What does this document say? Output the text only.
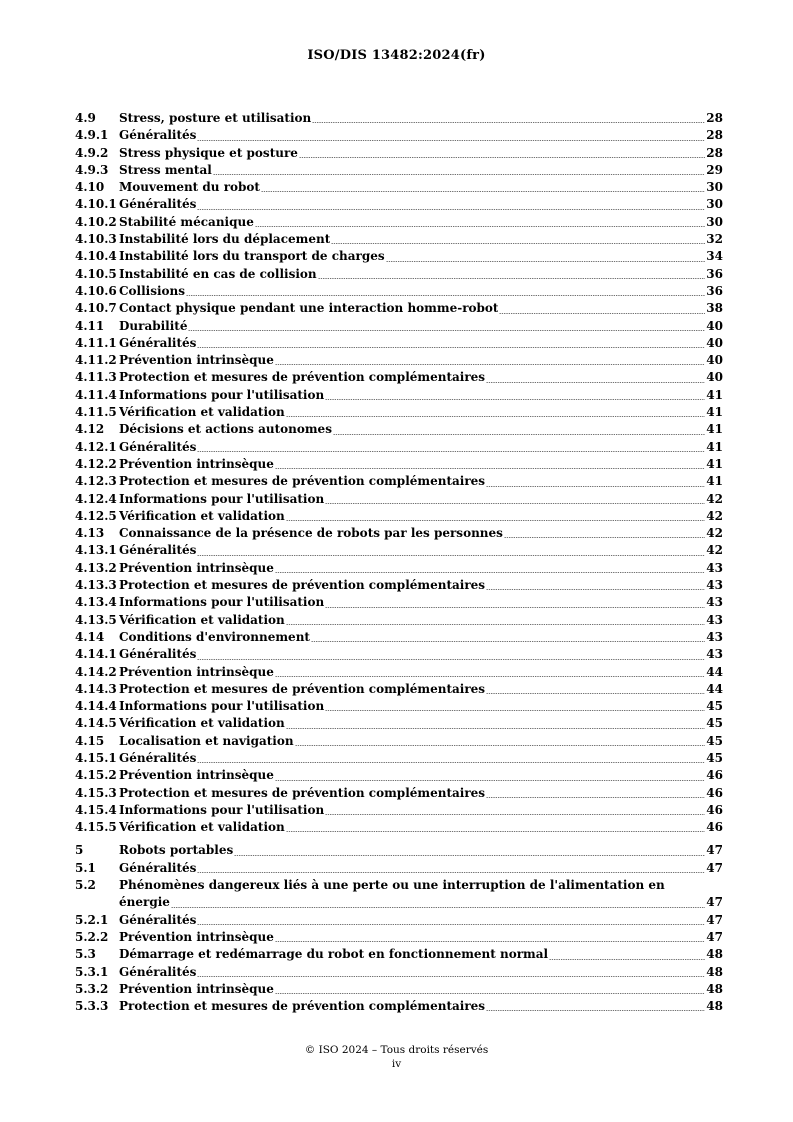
ISO/DIS 13482:2024(fr)
4.9	Stress, posture et utilisation	28
4.9.1 Généralités	28
4.9.2 Stress physique et posture	28
4.9.3 Stress mental	29
4.10	Mouvement du robot	30
4.10.1 Généralités	30
4.10.2 Stabilité mécanique	30
4.10.3 Instabilité lors du déplacement	32
4.10.4 Instabilité lors du transport de charges	34
4.10.5 Instabilité en cas de collision	36
4.10.6 Collisions	36
4.10.7 Contact physique pendant une interaction homme-robot	38
4.11	Durabilité	40
4.11.1 Généralités	40
4.11.2 Prévention intrinsèque	40
4.11.3 Protection et mesures de prévention complémentaires	40
4.11.4 Informations pour l'utilisation	41
4.11.5 Vérification et validation	41
4.12	Décisions et actions autonomes	41
4.12.1 Généralités	41
4.12.2 Prévention intrinsèque	41
4.12.3 Protection et mesures de prévention complémentaires	41
4.12.4 Informations pour l'utilisation	42
4.12.5 Vérification et validation	42
4.13	Connaissance de la présence de robots par les personnes	42
4.13.1 Généralités	42
4.13.2 Prévention intrinsèque	43
4.13.3 Protection et mesures de prévention complémentaires	43
4.13.4 Informations pour l'utilisation	43
4.13.5 Vérification et validation	43
4.14	Conditions d'environnement	43
4.14.1 Généralités	43
4.14.2 Prévention intrinsèque	44
4.14.3 Protection et mesures de prévention complémentaires	44
4.14.4 Informations pour l'utilisation	45
4.14.5 Vérification et validation	45
4.15	Localisation et navigation	45
4.15.1 Généralités	45
4.15.2 Prévention intrinsèque	46
4.15.3 Protection et mesures de prévention complémentaires	46
4.15.4 Informations pour l'utilisation	46
4.15.5 Vérification et validation	46
5	Robots portables	47
5.1	Généralités	47
5.2	Phénomènes dangereux liés à une perte ou une interruption de l'alimentation en
énergie	47
5.2.1 Généralités	47
5.2.2 Prévention intrinsèque	47
5.3	Démarrage et redémarrage du robot en fonctionnement normal	48
5.3.1 Généralités	48
5.3.2 Prévention intrinsèque	48
5.3.3 Protection et mesures de prévention complémentaires	48
© ISO 2024 – Tous droits réservés
iv
